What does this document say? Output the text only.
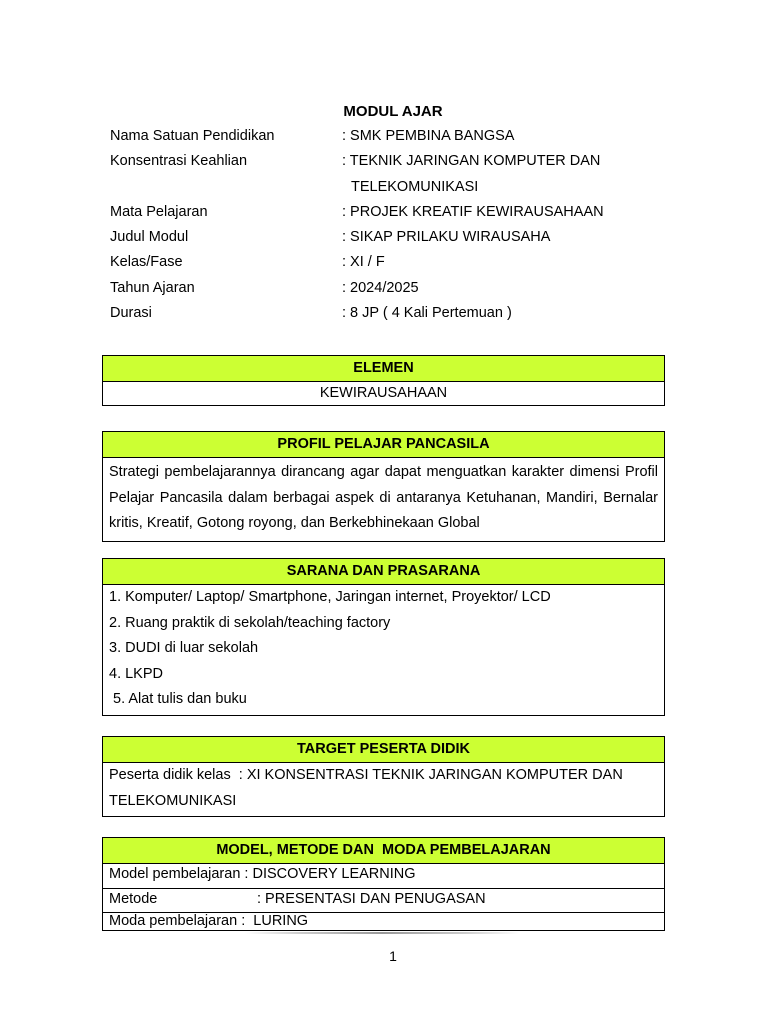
MODUL AJAR
Nama Satuan Pendidikan	: SMK PEMBINA BANGSA
Konsentrasi Keahlian	: TEKNIK JARINGAN KOMPUTER DAN
TELEKOMUNIKASI
Mata Pelajaran	: PROJEK KREATIF KEWIRAUSAHAAN
Judul Modul	: SIKAP PRILAKU WIRAUSAHA
Kelas/Fase	: XI / F
Tahun Ajaran	: 2024/2025
Durasi	: 8 JP ( 4 Kali Pertemuan )
ELEMEN
KEWIRAUSAHAAN
PROFIL PELAJAR PANCASILA
Strategi pembelajarannya dirancang agar dapat menguatkan karakter dimensi Profil Pelajar Pancasila dalam berbagai aspek di antaranya Ketuhanan, Mandiri, Bernalar kritis, Kreatif, Gotong royong, dan Berkebhinekaan Global
SARANA DAN PRASARANA
1. Komputer/ Laptop/ Smartphone, Jaringan internet, Proyektor/ LCD
2. Ruang praktik di sekolah/teaching factory
3. DUDI di luar sekolah
4. LKPD
5. Alat tulis dan buku
TARGET PESERTA DIDIK
Peserta didik kelas  : XI KONSENTRASI TEKNIK JARINGAN KOMPUTER DAN
TELEKOMUNIKASI
MODEL, METODE DAN  MODA PEMBELAJARAN
Model pembelajaran : DISCOVERY LEARNING
Metode	: PRESENTASI DAN PENUGASAN
Moda pembelajaran :  LURING
1
